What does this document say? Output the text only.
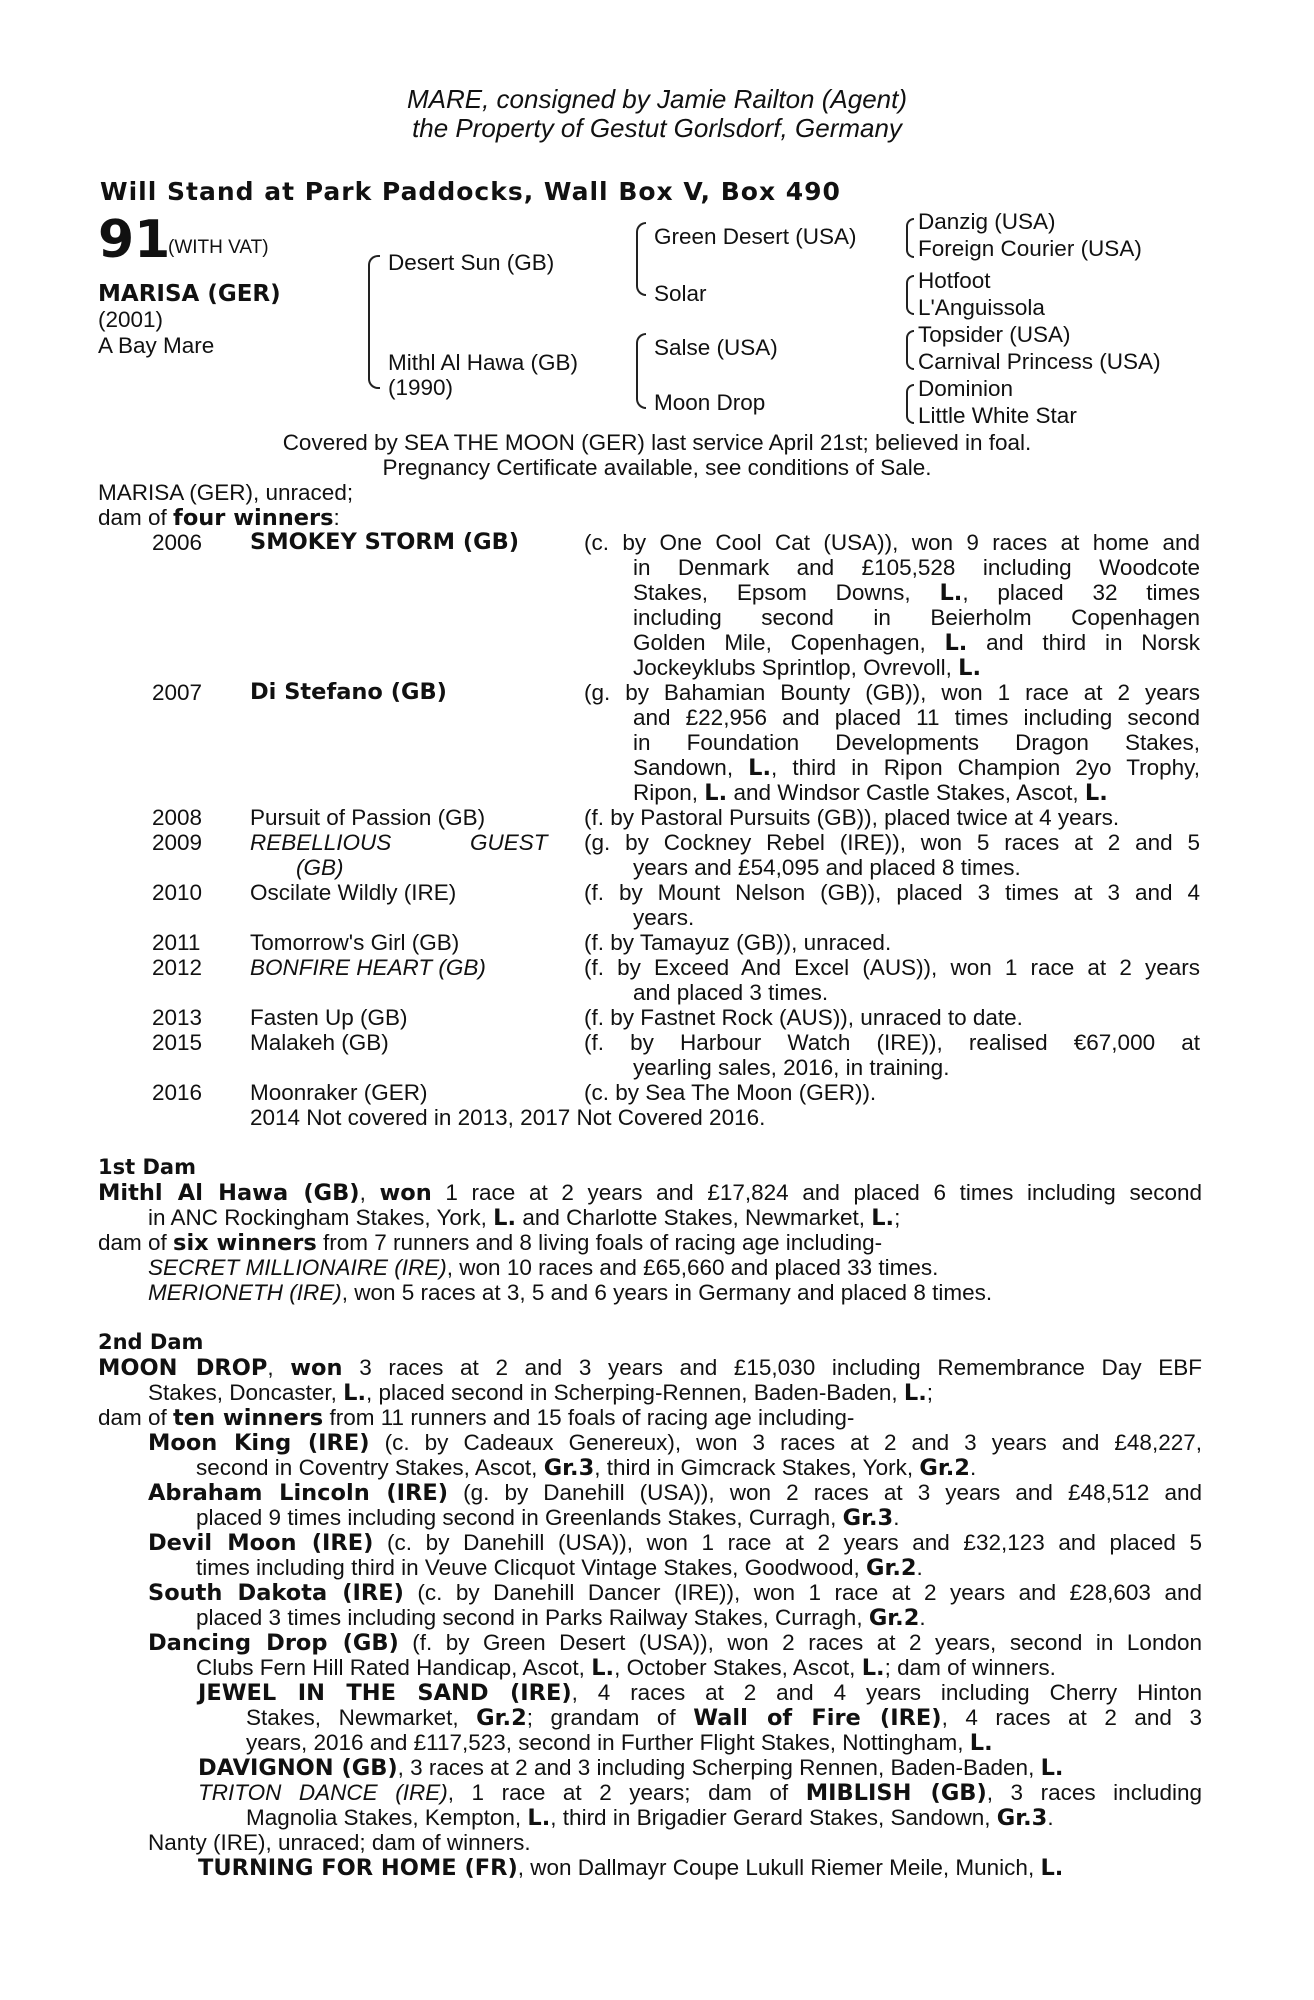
MARE, consigned by Jamie Railton (Agent)
the Property of Gestut Gorlsdorf, Germany
Will Stand at Park Paddocks, Wall Box V, Box 490
91
(WITH VAT)
MARISA (GER)
(2001)
A Bay Mare
Desert Sun (GB)
Mithl Al Hawa (GB)
(1990)
Green Desert (USA)
Solar
Salse (USA)
Moon Drop
Danzig (USA)
Foreign Courier (USA)
Hotfoot
L'Anguissola
Topsider (USA)
Carnival Princess (USA)
Dominion
Little White Star
Covered by SEA THE MOON (GER) last service April 21st; believed in foal.
Pregnancy Certificate available, see conditions of Sale.
MARISA (GER), unraced;
dam of four winners:
2006 SMOKEY STORM (GB)	(c. by One Cool Cat (USA)), won 9 races at home and
in Denmark and £105,528 including Woodcote
Stakes, Epsom Downs, L., placed 32 times
including second in Beierholm Copenhagen
Golden Mile, Copenhagen, L. and third in Norsk
Jockeyklubs Sprintlop, Ovrevoll, L.
2007 Di Stefano (GB)	(g. by Bahamian Bounty (GB)), won 1 race at 2 years
and £22,956 and placed 11 times including second
in Foundation Developments Dragon Stakes,
Sandown, L., third in Ripon Champion 2yo Trophy,
Ripon, L. and Windsor Castle Stakes, Ascot, L.
2008 Pursuit of Passion (GB)	(f. by Pastoral Pursuits (GB)), placed twice at 4 years.
2009 REBELLIOUS	GUEST
(GB)
(g. by Cockney Rebel (IRE)), won 5 races at 2 and 5
years and £54,095 and placed 8 times.
2010 Oscilate Wildly (IRE)	(f. by Mount Nelson (GB)), placed 3 times at 3 and 4
years.
2011 Tomorrow's Girl (GB)	(f. by Tamayuz (GB)), unraced.
2012 BONFIRE HEART (GB)	(f. by Exceed And Excel (AUS)), won 1 race at 2 years
and placed 3 times.
2013 Fasten Up (GB)	(f. by Fastnet Rock (AUS)), unraced to date.
2015 Malakeh (GB)	(f. by Harbour Watch (IRE)), realised €67,000 at
yearling sales, 2016, in training.
2016 Moonraker (GER)	(c. by Sea The Moon (GER)).
2014 Not covered in 2013, 2017 Not Covered 2016.
1st Dam
Mithl Al Hawa (GB), won 1 race at 2 years and £17,824 and placed 6 times including second
in ANC Rockingham Stakes, York, L. and Charlotte Stakes, Newmarket, L.;
dam of six winners from 7 runners and 8 living foals of racing age including-
SECRET MILLIONAIRE (IRE), won 10 races and £65,660 and placed 33 times.
MERIONETH (IRE), won 5 races at 3, 5 and 6 years in Germany and placed 8 times.
2nd Dam
MOON DROP, won 3 races at 2 and 3 years and £15,030 including Remembrance Day EBF
Stakes, Doncaster, L., placed second in Scherping-Rennen, Baden-Baden, L.;
dam of ten winners from 11 runners and 15 foals of racing age including-
Moon King (IRE) (c. by Cadeaux Genereux), won 3 races at 2 and 3 years and £48,227,
second in Coventry Stakes, Ascot, Gr.3, third in Gimcrack Stakes, York, Gr.2.
Abraham Lincoln (IRE) (g. by Danehill (USA)), won 2 races at 3 years and £48,512 and
placed 9 times including second in Greenlands Stakes, Curragh, Gr.3.
Devil Moon (IRE) (c. by Danehill (USA)), won 1 race at 2 years and £32,123 and placed 5
times including third in Veuve Clicquot Vintage Stakes, Goodwood, Gr.2.
South Dakota (IRE) (c. by Danehill Dancer (IRE)), won 1 race at 2 years and £28,603 and
placed 3 times including second in Parks Railway Stakes, Curragh, Gr.2.
Dancing Drop (GB) (f. by Green Desert (USA)), won 2 races at 2 years, second in London
Clubs Fern Hill Rated Handicap, Ascot, L., October Stakes, Ascot, L.; dam of winners.
JEWEL IN THE SAND (IRE), 4 races at 2 and 4 years including Cherry Hinton
Stakes, Newmarket, Gr.2; grandam of Wall of Fire (IRE), 4 races at 2 and 3
years, 2016 and £117,523, second in Further Flight Stakes, Nottingham, L.
DAVIGNON (GB), 3 races at 2 and 3 including Scherping Rennen, Baden-Baden, L.
TRITON DANCE (IRE), 1 race at 2 years; dam of MIBLISH (GB), 3 races including
Magnolia Stakes, Kempton, L., third in Brigadier Gerard Stakes, Sandown, Gr.3.
Nanty (IRE), unraced; dam of winners.
TURNING FOR HOME (FR), won Dallmayr Coupe Lukull Riemer Meile, Munich, L.
